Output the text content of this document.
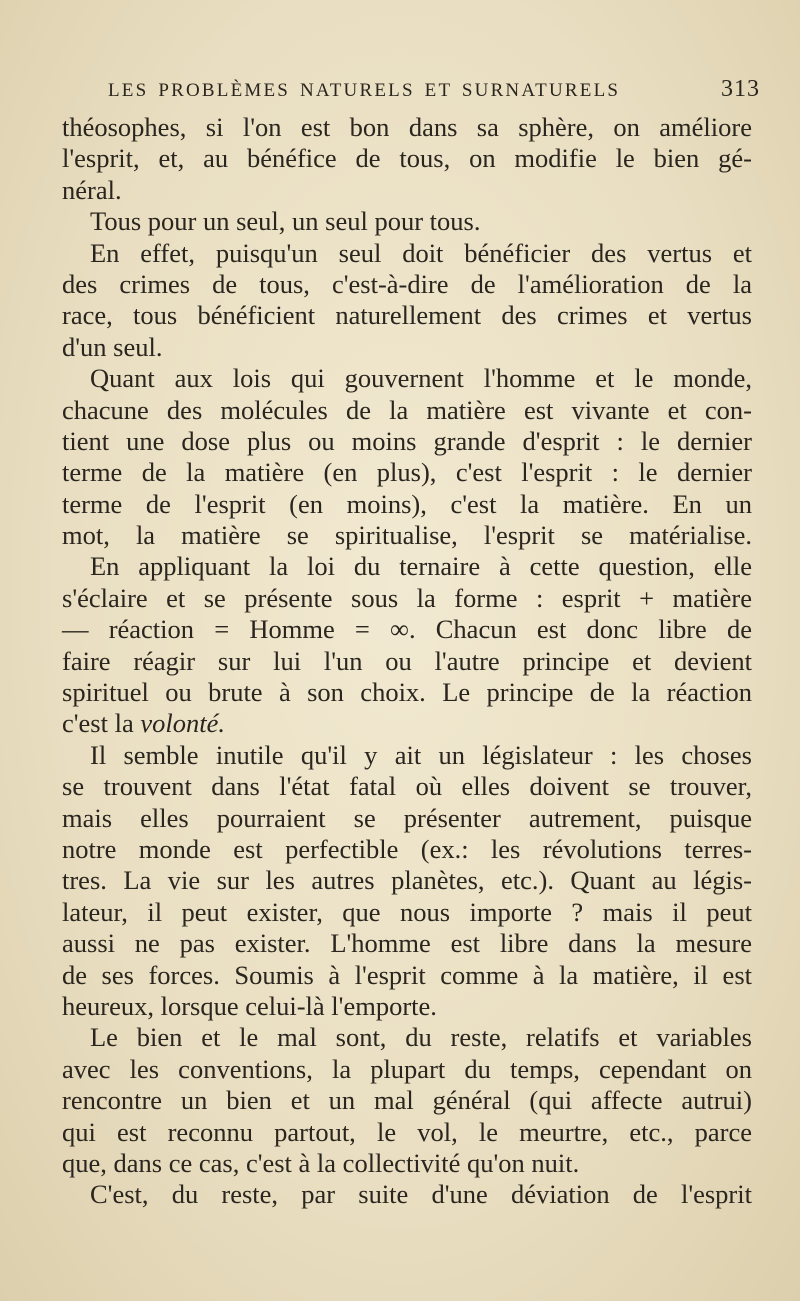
LES PROBLÈMES NATURELS ET SURNATURELS	313
théosophes, si l'on est bon dans sa sphère, on améliore
l'esprit, et, au bénéfice de tous, on modifie le bien gé-
néral.
Tous pour un seul, un seul pour tous.
En effet, puisqu'un seul doit bénéficier des vertus et
des crimes de tous, c'est-à-dire de l'amélioration de la
race, tous bénéficient naturellement des crimes et vertus
d'un seul.
Quant aux lois qui gouvernent l'homme et le monde,
chacune des molécules de la matière est vivante et con-
tient une dose plus ou moins grande d'esprit : le dernier
terme de la matière (en plus), c'est l'esprit : le dernier
terme de l'esprit (en moins), c'est la matière. En un
mot, la matière se spiritualise, l'esprit se matérialise.
En appliquant la loi du ternaire à cette question, elle
s'éclaire et se présente sous la forme : esprit + matière
— réaction = Homme = ∞. Chacun est donc libre de
faire réagir sur lui l'un ou l'autre principe et devient
spirituel ou brute à son choix. Le principe de la réaction
c'est la volonté.
Il semble inutile qu'il y ait un législateur : les choses
se trouvent dans l'état fatal où elles doivent se trouver,
mais elles pourraient se présenter autrement, puisque
notre monde est perfectible (ex.: les révolutions terres-
tres. La vie sur les autres planètes, etc.). Quant au légis-
lateur, il peut exister, que nous importe ? mais il peut
aussi ne pas exister. L'homme est libre dans la mesure
de ses forces. Soumis à l'esprit comme à la matière, il est
heureux, lorsque celui-là l'emporte.
Le bien et le mal sont, du reste, relatifs et variables
avec les conventions, la plupart du temps, cependant on
rencontre un bien et un mal général (qui affecte autrui)
qui est reconnu partout, le vol, le meurtre, etc., parce
que, dans ce cas, c'est à la collectivité qu'on nuit.
C'est, du reste, par suite d'une déviation de l'esprit
